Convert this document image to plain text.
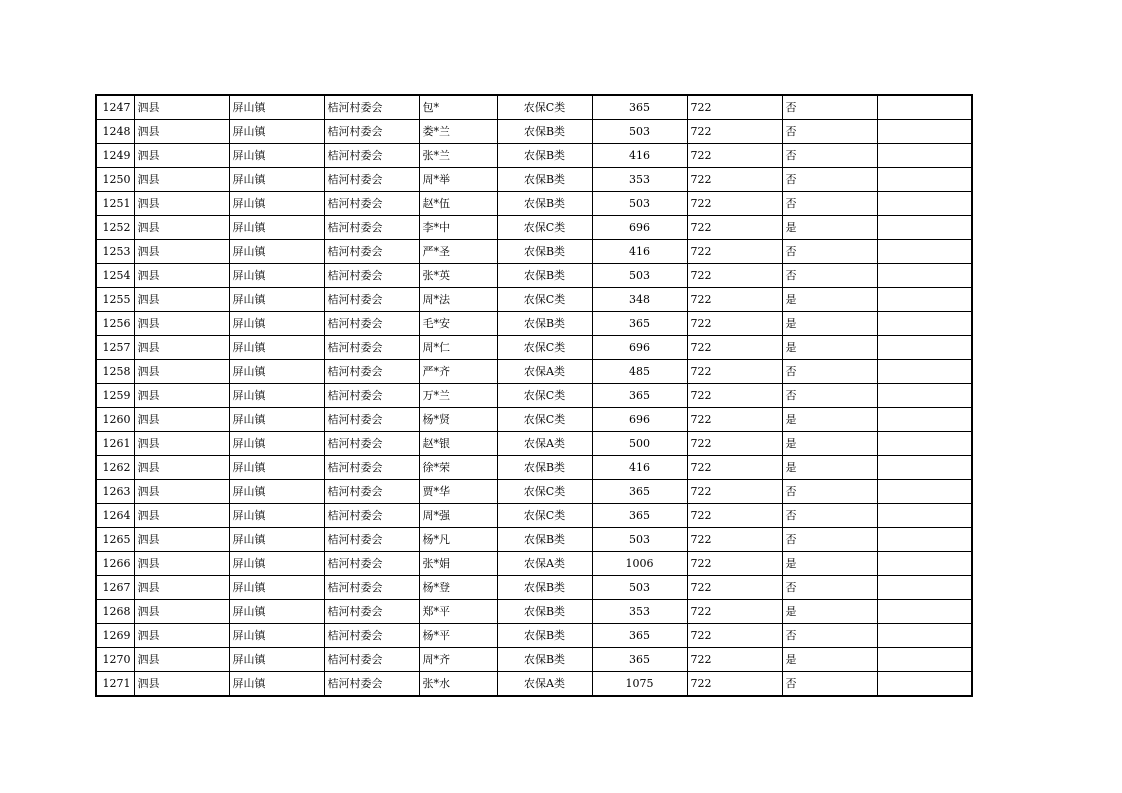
1247	泗县	屏山镇	桔河村委会	包*	农保C类	365	722	否	
1248	泗县	屏山镇	桔河村委会	娄*兰	农保B类	503	722	否	
1249	泗县	屏山镇	桔河村委会	张*兰	农保B类	416	722	否	
1250	泗县	屏山镇	桔河村委会	周*举	农保B类	353	722	否	
1251	泗县	屏山镇	桔河村委会	赵*伍	农保B类	503	722	否	
1252	泗县	屏山镇	桔河村委会	李*中	农保C类	696	722	是	
1253	泗县	屏山镇	桔河村委会	严*圣	农保B类	416	722	否	
1254	泗县	屏山镇	桔河村委会	张*英	农保B类	503	722	否	
1255	泗县	屏山镇	桔河村委会	周*法	农保C类	348	722	是	
1256	泗县	屏山镇	桔河村委会	毛*安	农保B类	365	722	是	
1257	泗县	屏山镇	桔河村委会	周*仁	农保C类	696	722	是	
1258	泗县	屏山镇	桔河村委会	严*齐	农保A类	485	722	否	
1259	泗县	屏山镇	桔河村委会	万*兰	农保C类	365	722	否	
1260	泗县	屏山镇	桔河村委会	杨*贤	农保C类	696	722	是	
1261	泗县	屏山镇	桔河村委会	赵*银	农保A类	500	722	是	
1262	泗县	屏山镇	桔河村委会	徐*荣	农保B类	416	722	是	
1263	泗县	屏山镇	桔河村委会	贾*华	农保C类	365	722	否	
1264	泗县	屏山镇	桔河村委会	周*强	农保C类	365	722	否	
1265	泗县	屏山镇	桔河村委会	杨*凡	农保B类	503	722	否	
1266	泗县	屏山镇	桔河村委会	张*娟	农保A类	1006	722	是	
1267	泗县	屏山镇	桔河村委会	杨*登	农保B类	503	722	否	
1268	泗县	屏山镇	桔河村委会	郑*平	农保B类	353	722	是	
1269	泗县	屏山镇	桔河村委会	杨*平	农保B类	365	722	否	
1270	泗县	屏山镇	桔河村委会	周*齐	农保B类	365	722	是	
1271	泗县	屏山镇	桔河村委会	张*水	农保A类	1075	722	否	
